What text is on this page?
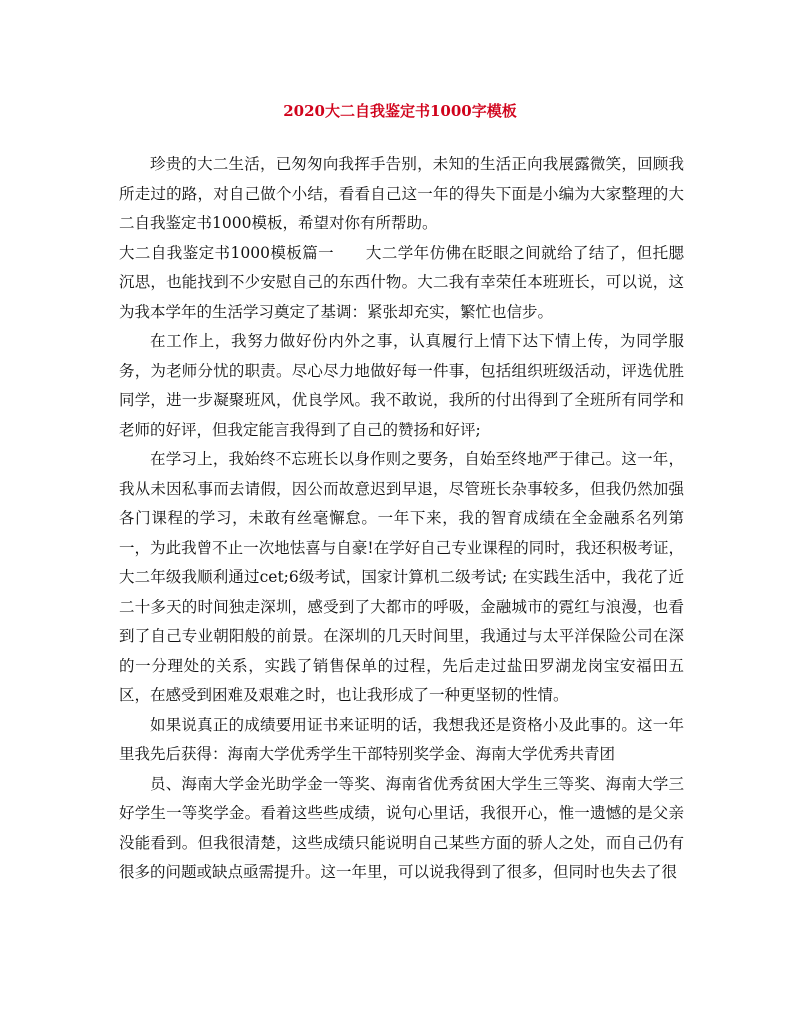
2020大二自我鉴定书1000字模板

珍贵的大二生活，已匆匆向我挥手告别，未知的生活正向我展露微笑，回顾我所走过的路，对自己做个小结，看看自己这一年的得失下面是小编为大家整理的大二自我鉴定书1000模板，希望对你有所帮助。

大二自我鉴定书1000模板篇一　　大二学年仿佛在眨眼之间就给了结了，但托腮沉思，也能找到不少安慰自己的东西什物。大二我有幸荣任本班班长，可以说，这为我本学年的生活学习奠定了基调：紧张却充实，繁忙也信步。

在工作上，我努力做好份内外之事，认真履行上情下达下情上传，为同学服务，为老师分忧的职责。尽心尽力地做好每一件事，包括组织班级活动，评选优胜同学，进一步凝聚班风，优良学风。我不敢说，我所的付出得到了全班所有同学和老师的好评，但我定能言我得到了自己的赞扬和好评;

在学习上，我始终不忘班长以身作则之要务，自始至终地严于律己。这一年，我从未因私事而去请假，因公而故意迟到早退，尽管班长杂事较多，但我仍然加强各门课程的学习，未敢有丝毫懈怠。一年下来，我的智育成绩在全金融系名列第一，为此我曾不止一次地怯喜与自豪!在学好自己专业课程的同时，我还积极考证，大二年级我顺利通过cet;6级考试，国家计算机二级考试; 在实践生活中，我花了近二十多天的时间独走深圳，感受到了大都市的呼吸，金融城市的霓红与浪漫，也看到了自己专业朝阳般的前景。在深圳的几天时间里，我通过与太平洋保险公司在深的一分理处的关系，实践了销售保单的过程，先后走过盐田罗湖龙岗宝安福田五区，在感受到困难及艰难之时，也让我形成了一种更坚韧的性情。

如果说真正的成绩要用证书来证明的话，我想我还是资格小及此事的。这一年里我先后获得：海南大学优秀学生干部特别奖学金、海南大学优秀共青团

员、海南大学金光助学金一等奖、海南省优秀贫困大学生三等奖、海南大学三好学生一等奖学金。看着这些些成绩，说句心里话，我很开心，惟一遗憾的是父亲没能看到。但我很清楚，这些成绩只能说明自己某些方面的骄人之处，而自己仍有很多的问题或缺点亟需提升。这一年里，可以说我得到了很多，但同时也失去了很
